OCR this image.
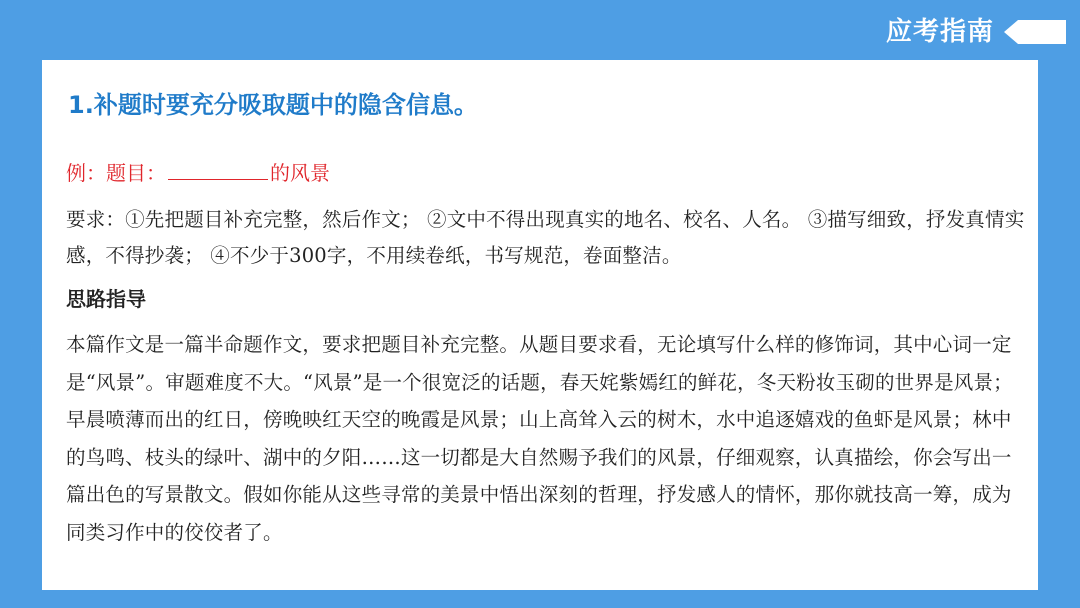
应考指南
1.补题时要充分吸取题中的隐含信息。
例：题目：	的风景
要求：①先把题目补充完整，然后作文； ②文中不得出现真实的地名、校名、人名。 ③描写细致，抒发真情实感，不得抄袭； ④不少于300字，不用续卷纸，书写规范，卷面整洁。
思路指导
本篇作文是一篇半命题作文，要求把题目补充完整。从题目要求看，无论填写什么样的修饰词，其中心词一定是“风景”。审题难度不大。“风景”是一个很宽泛的话题，春天姹紫嫣红的鲜花，冬天粉妆玉砌的世界是风景；早晨喷薄而出的红日，傍晚映红天空的晚霞是风景；山上高耸入云的树木，水中追逐嬉戏的鱼虾是风景；林中的鸟鸣、枝头的绿叶、湖中的夕阳……这一切都是大自然赐予我们的风景，仔细观察，认真描绘，你会写出一篇出色的写景散文。假如你能从这些寻常的美景中悟出深刻的哲理，抒发感人的情怀，那你就技高一筹，成为同类习作中的佼佼者了。
